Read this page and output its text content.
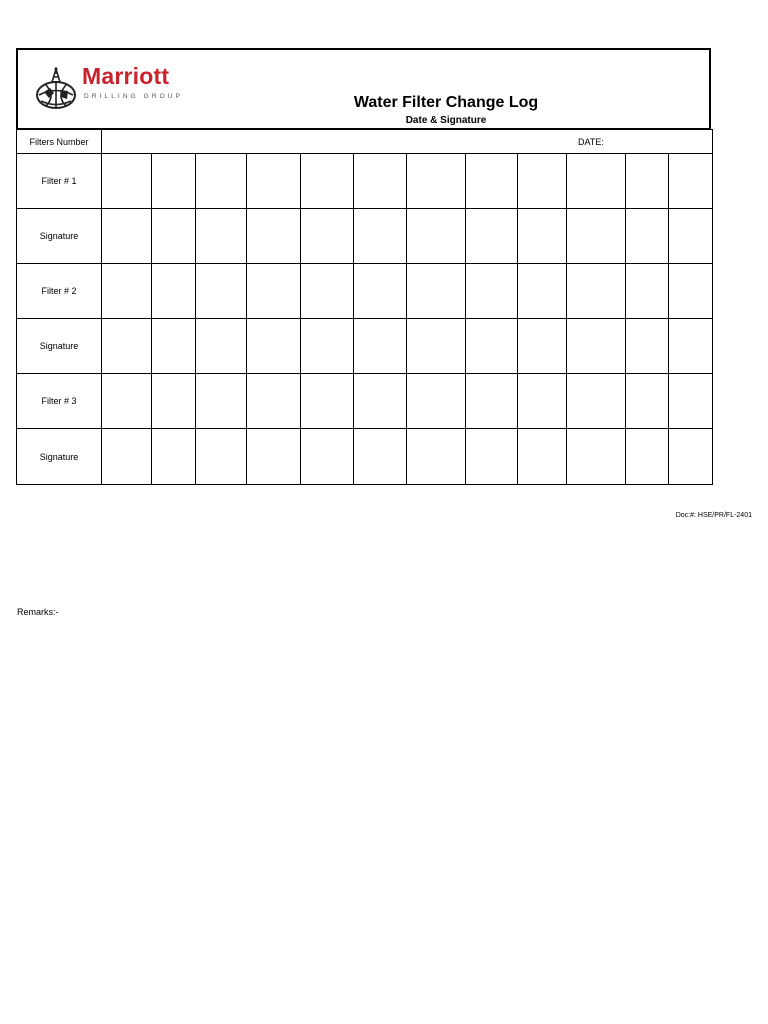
Marriott
DRILLING GROUP	Water Filter Change Log
Date & Signature
Filters Number	DATE:											
Filter # 1												
Signature												
Filter # 2												
Signature												
Filter # 3												
Signature												
Doc:#: HSE/PR/FL-2401
Remarks:-
